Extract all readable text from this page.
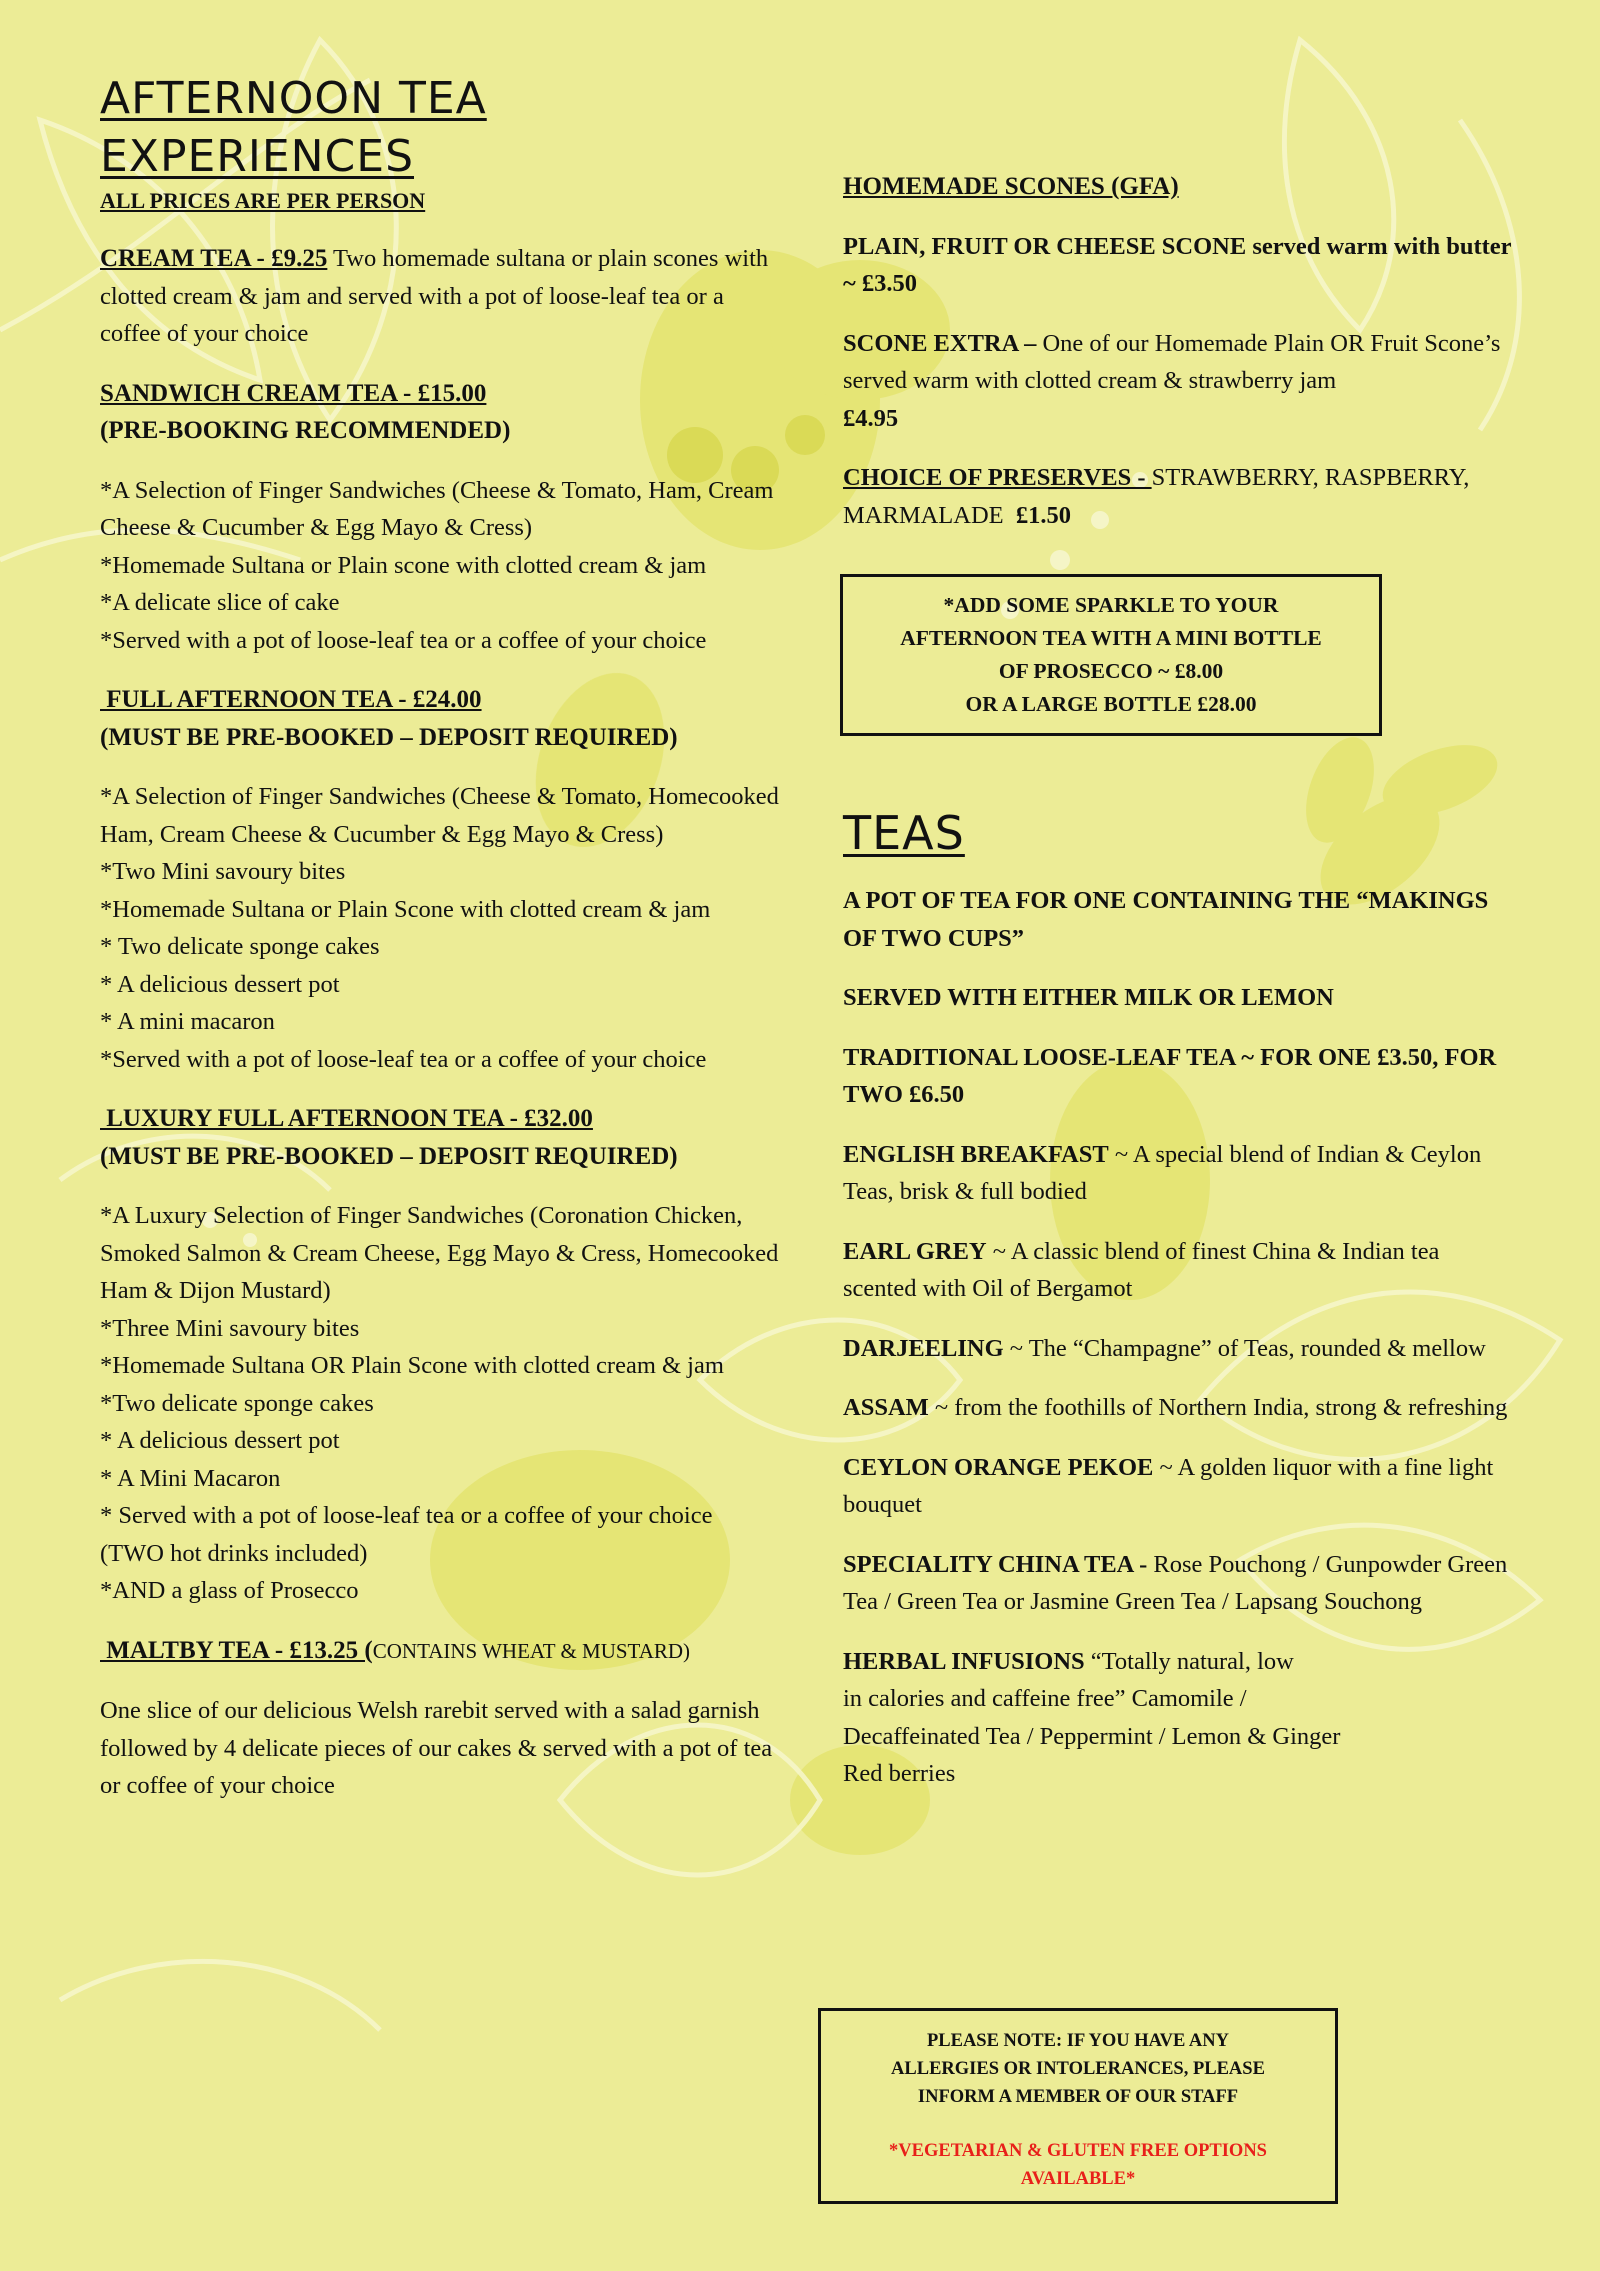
AFTERNOON TEA
EXPERIENCES
ALL PRICES ARE PER PERSON

CREAM TEA - £9.25 Two homemade sultana or plain scones with clotted cream & jam and served with a pot of loose-leaf tea or a coffee of your choice

SANDWICH CREAM TEA - £15.00

(PRE-BOOKING RECOMMENDED)

*A Selection of Finger Sandwiches (Cheese & Tomato, Ham, Cream Cheese & Cucumber & Egg Mayo & Cress)

*Homemade Sultana or Plain scone with clotted cream & jam

*A delicate slice of cake

*Served with a pot of loose-leaf tea or a coffee of your choice

FULL AFTERNOON TEA - £24.00

(MUST BE PRE-BOOKED – DEPOSIT REQUIRED)

*A Selection of Finger Sandwiches (Cheese & Tomato, Homecooked Ham, Cream Cheese & Cucumber & Egg Mayo & Cress)

*Two Mini savoury bites

*Homemade Sultana or Plain Scone with clotted cream & jam

* Two delicate sponge cakes

* A delicious dessert pot

* A mini macaron

*Served with a pot of loose-leaf tea or a coffee of your choice

LUXURY FULL AFTERNOON TEA - £32.00

(MUST BE PRE-BOOKED – DEPOSIT REQUIRED)

*A Luxury Selection of Finger Sandwiches (Coronation Chicken, Smoked Salmon & Cream Cheese, Egg Mayo & Cress, Homecooked Ham & Dijon Mustard)

*Three Mini savoury bites

*Homemade Sultana OR Plain Scone with clotted cream & jam

*Two delicate sponge cakes

* A delicious dessert pot

* A Mini Macaron

* Served with a pot of loose-leaf tea or a coffee of your choice (TWO hot drinks included)

*AND a glass of Prosecco

MALTBY TEA - £13.25 (CONTAINS WHEAT & MUSTARD)

One slice of our delicious Welsh rarebit served with a salad garnish followed by 4 delicate pieces of our cakes & served with a pot of tea or coffee of your choice

HOMEMADE SCONES (GFA)

PLAIN, FRUIT OR CHEESE SCONE served warm with butter ~ £3.50

SCONE EXTRA – One of our Homemade Plain OR Fruit Scone’s served warm with clotted cream & strawberry jam
£4.95

CHOICE OF PRESERVES - STRAWBERRY, RASPBERRY,  MARMALADE  £1.50

*ADD SOME SPARKLE TO YOUR
AFTERNOON TEA WITH A MINI BOTTLE
OF PROSECCO ~ £8.00
OR A LARGE BOTTLE £28.00
TEAS

A POT OF TEA FOR ONE CONTAINING THE “MAKINGS OF TWO CUPS”

SERVED WITH EITHER MILK OR LEMON

TRADITIONAL LOOSE-LEAF TEA ~ FOR ONE £3.50, FOR TWO £6.50

ENGLISH BREAKFAST ~ A special blend of Indian & Ceylon Teas, brisk & full bodied

EARL GREY ~ A classic blend of finest China & Indian tea scented with Oil of Bergamot

DARJEELING ~ The “Champagne” of Teas, rounded & mellow

ASSAM ~ from the foothills of Northern India, strong & refreshing

CEYLON ORANGE PEKOE ~ A golden liquor with a fine light bouquet

SPECIALITY CHINA TEA - Rose Pouchong / Gunpowder Green Tea / Green Tea or Jasmine Green Tea / Lapsang Souchong

HERBAL INFUSIONS “Totally natural, low
in calories and caffeine free” Camomile /
Decaffeinated Tea / Peppermint / Lemon & Ginger
Red berries

PLEASE NOTE: IF YOU HAVE ANY
ALLERGIES OR INTOLERANCES, PLEASE
INFORM A MEMBER OF OUR STAFF
*VEGETARIAN & GLUTEN FREE OPTIONS
AVAILABLE*
